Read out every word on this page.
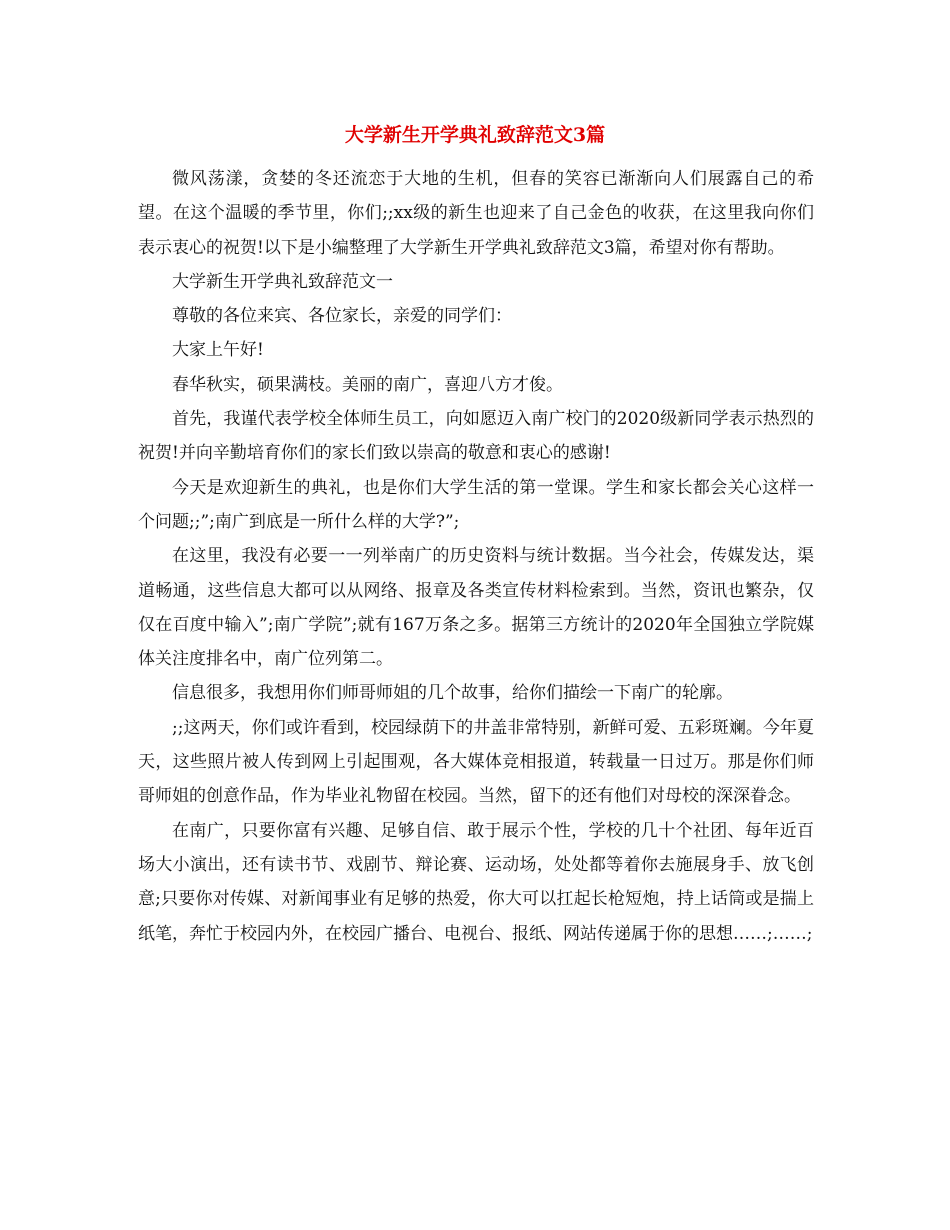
大学新生开学典礼致辞范文3篇

微风荡漾，贪婪的冬还流恋于大地的生机，但春的笑容已渐渐向人们展露自己的希望。在这个温暖的季节里，你们;;xx级的新生也迎来了自己金色的收获，在这里我向你们表示衷心的祝贺!以下是小编整理了大学新生开学典礼致辞范文3篇，希望对你有帮助。

大学新生开学典礼致辞范文一

尊敬的各位来宾、各位家长，亲爱的同学们：

大家上午好!

春华秋实，硕果满枝。美丽的南广，喜迎八方才俊。

首先，我谨代表学校全体师生员工，向如愿迈入南广校门的2020级新同学表示热烈的祝贺!并向辛勤培育你们的家长们致以崇高的敬意和衷心的感谢!

今天是欢迎新生的典礼，也是你们大学生活的第一堂课。学生和家长都会关心这样一个问题;;”;南广到底是一所什么样的大学?”;

在这里，我没有必要一一列举南广的历史资料与统计数据。当今社会，传媒发达，渠道畅通，这些信息大都可以从网络、报章及各类宣传材料检索到。当然，资讯也繁杂，仅仅在百度中输入”;南广学院”;就有167万条之多。据第三方统计的2020年全国独立学院媒体关注度排名中，南广位列第二。

信息很多，我想用你们师哥师姐的几个故事，给你们描绘一下南广的轮廓。

;;这两天，你们或许看到，校园绿荫下的井盖非常特别，新鲜可爱、五彩斑斓。今年夏天，这些照片被人传到网上引起围观，各大媒体竞相报道，转载量一日过万。那是你们师哥师姐的创意作品，作为毕业礼物留在校园。当然，留下的还有他们对母校的深深眷念。

在南广，只要你富有兴趣、足够自信、敢于展示个性，学校的几十个社团、每年近百场大小演出，还有读书节、戏剧节、辩论赛、运动场，处处都等着你去施展身手、放飞创意;只要你对传媒、对新闻事业有足够的热爱，你大可以扛起长枪短炮，持上话筒或是揣上纸笔，奔忙于校园内外，在校园广播台、电视台、报纸、网站传递属于你的思想……;……;
